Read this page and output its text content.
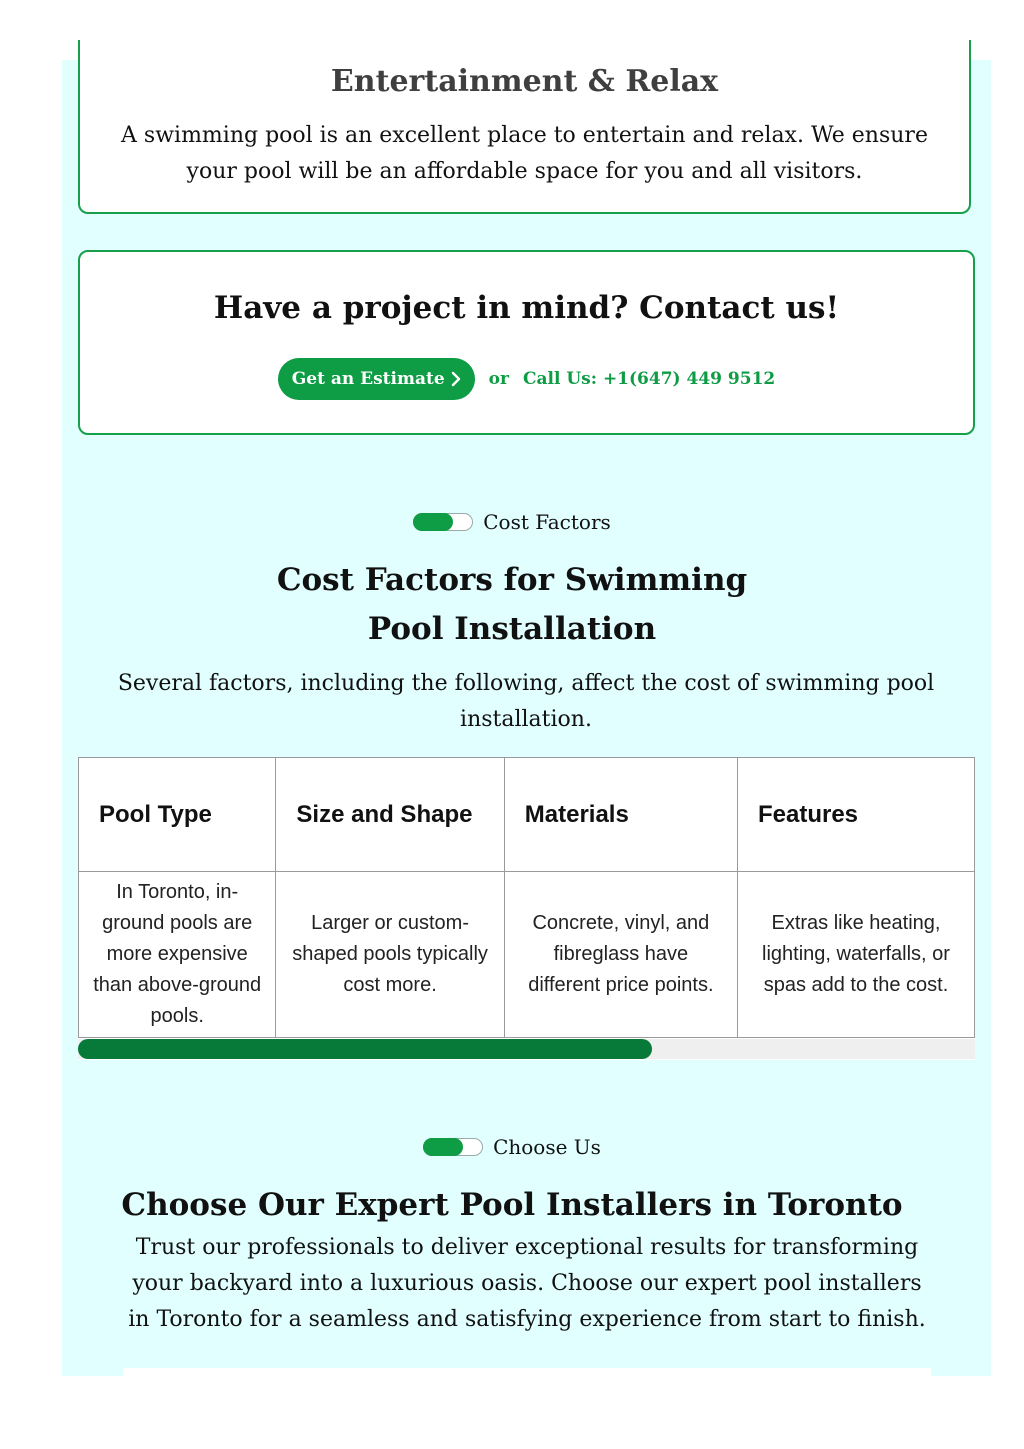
Entertainment & Relax

A swimming pool is an excellent place to entertain and relax. We ensure your pool will be an affordable space for you and all visitors.

Have a project in mind? Contact us!
Get an Estimate	or Call Us: +1(647) 449 9512
Cost Factors
Cost Factors for Swimming
Pool Installation

Several factors, including the following, affect the cost of swimming pool installation.

Pool Type	Size and Shape	Materials	Features
In Toronto, in-ground pools are more expensive than above-ground pools.	Larger or custom-shaped pools typically cost more.	Concrete, vinyl, and fibreglass have different price points.	Extras like heating, lighting, waterfalls, or spas add to the cost.
Choose Us
Choose Our Expert Pool Installers in Toronto

Trust our professionals to deliver exceptional results for transforming your backyard into a luxurious oasis. Choose our expert pool installers in Toronto for a seamless and satisfying experience from start to finish.
